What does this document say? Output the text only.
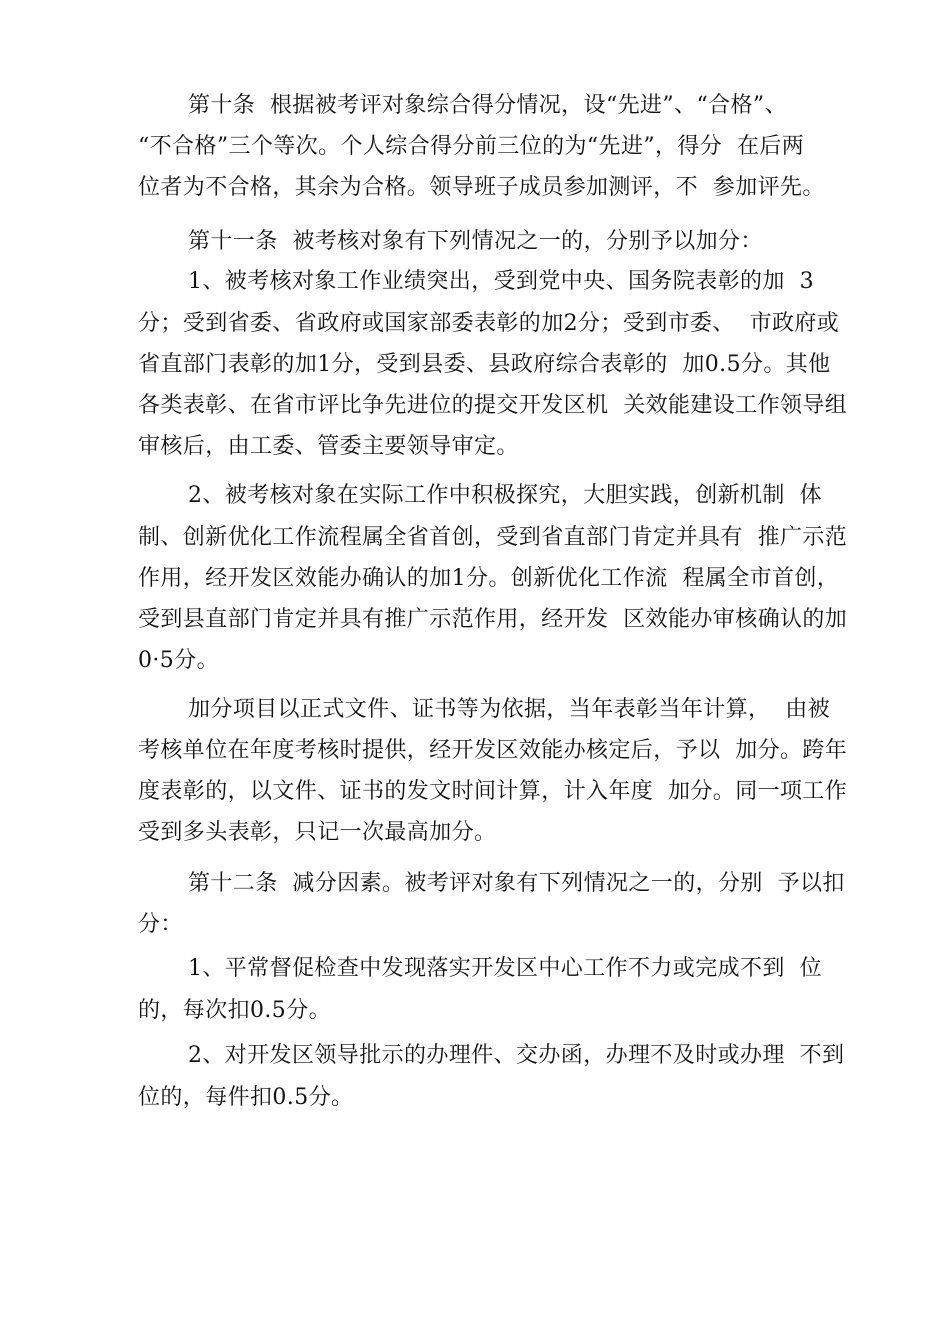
第十条  根据被考评对象综合得分情况，设“先进”、“合格”、
“不合格”三个等次。个人综合得分前三位的为“先进”，得分  在后两
位者为不合格，其余为合格。领导班子成员参加测评，不  参加评先。
第十一条  被考核对象有下列情况之一的，分别予以加分：
1、被考核对象工作业绩突出，受到党中央、国务院表彰的加  3
分；受到省委、省政府或国家部委表彰的加2分；受到市委、  市政府或
省直部门表彰的加1分，受到县委、县政府综合表彰的  加0.5分。其他
各类表彰、在省市评比争先进位的提交开发区机  关效能建设工作领导组
审核后，由工委、管委主要领导审定。
2、被考核对象在实际工作中积极探究，大胆实践，创新机制  体
制、创新优化工作流程属全省首创，受到省直部门肯定并具有  推广示范
作用，经开发区效能办确认的加1分。创新优化工作流  程属全市首创，
受到县直部门肯定并具有推广示范作用，经开发  区效能办审核确认的加
0·5分。
加分项目以正式文件、证书等为依据，当年表彰当年计算，  由被
考核单位在年度考核时提供，经开发区效能办核定后，予以  加分。跨年
度表彰的，以文件、证书的发文时间计算，计入年度  加分。同一项工作
受到多头表彰，只记一次最高加分。
第十二条  减分因素。被考评对象有下列情况之一的，分别  予以扣
分：
1、平常督促检查中发现落实开发区中心工作不力或完成不到  位
的，每次扣0.5分。
2、对开发区领导批示的办理件、交办函，办理不及时或办理  不到
位的，每件扣0.5分。
